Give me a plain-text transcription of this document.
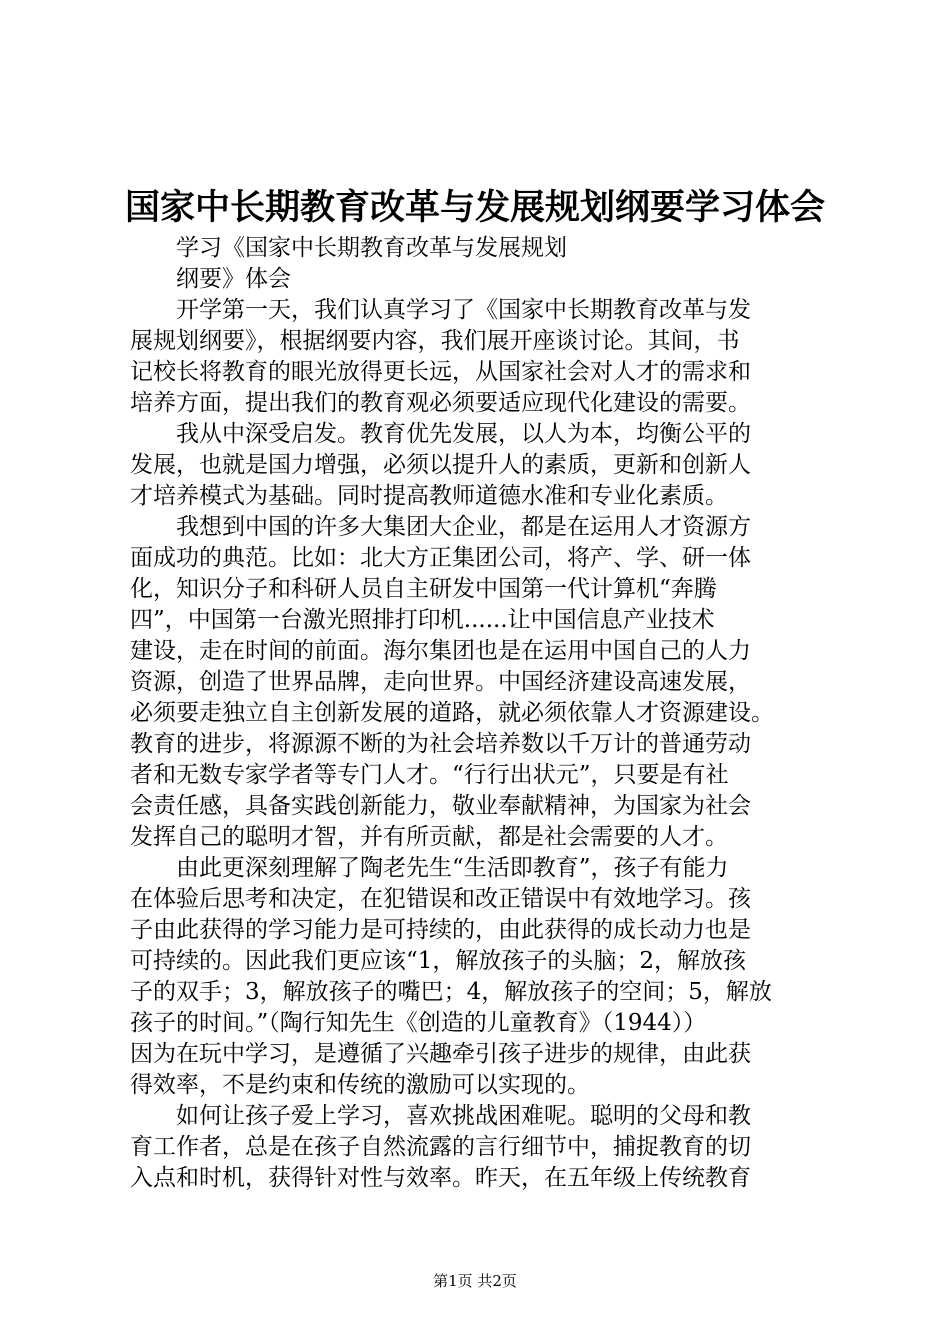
国家中长期教育改革与发展规划纲要学习体会
　　学习《国家中长期教育改革与发展规划
　　纲要》体会
　　开学第一天，我们认真学习了《国家中长期教育改革与发
展规划纲要》，根据纲要内容，我们展开座谈讨论。其间，书
记校长将教育的眼光放得更长远，从国家社会对人才的需求和
培养方面，提出我们的教育观必须要适应现代化建设的需要。
　　我从中深受启发。教育优先发展，以人为本，均衡公平的
发展，也就是国力增强，必须以提升人的素质，更新和创新人
才培养模式为基础。同时提高教师道德水准和专业化素质。
　　我想到中国的许多大集团大企业，都是在运用人才资源方
面成功的典范。比如：北大方正集团公司，将产、学、研一体
化，知识分子和科研人员自主研发中国第一代计算机“奔腾
四”，中国第一台激光照排打印机......让中国信息产业技术
建设，走在时间的前面。海尔集团也是在运用中国自己的人力
资源，创造了世界品牌，走向世界。中国经济建设高速发展，
必须要走独立自主创新发展的道路，就必须依靠人才资源建设。
教育的进步，将源源不断的为社会培养数以千万计的普通劳动
者和无数专家学者等专门人才。“行行出状元”，只要是有社
会责任感，具备实践创新能力，敬业奉献精神，为国家为社会
发挥自己的聪明才智，并有所贡献，都是社会需要的人才。
　　由此更深刻理解了陶老先生“生活即教育”，孩子有能力
在体验后思考和决定，在犯错误和改正错误中有效地学习。孩
子由此获得的学习能力是可持续的，由此获得的成长动力也是
可持续的。因此我们更应该“1，解放孩子的头脑；2，解放孩
子的双手；3，解放孩子的嘴巴；4，解放孩子的空间；5，解放
孩子的时间。”（陶行知先生《创造的儿童教育》（1944））
因为在玩中学习，是遵循了兴趣牵引孩子进步的规律，由此获
得效率，不是约束和传统的激励可以实现的。
　　如何让孩子爱上学习，喜欢挑战困难呢。聪明的父母和教
育工作者，总是在孩子自然流露的言行细节中，捕捉教育的切
入点和时机，获得针对性与效率。昨天，在五年级上传统教育
第1页 共2页
